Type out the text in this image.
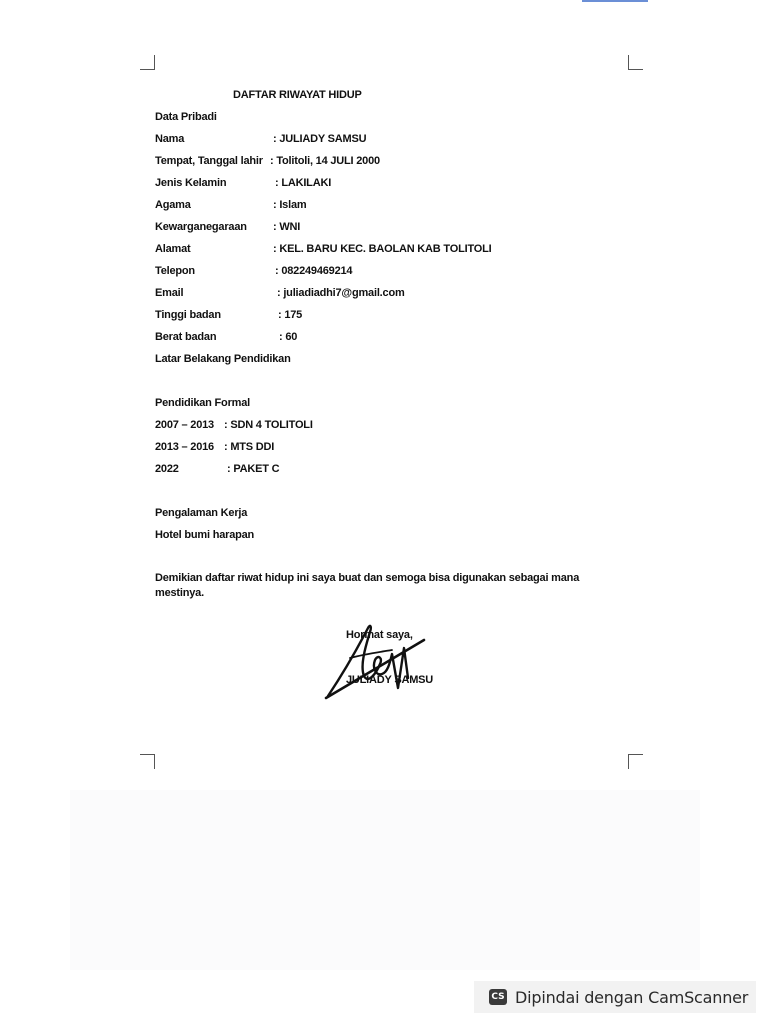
DAFTAR RIWAYAT HIDUP
Data Pribadi
Nama	: JULIADY SAMSU
Tempat, Tanggal lahir : Tolitoli, 14 JULI 2000
Jenis Kelamin	: LAKILAKI
Agama	: Islam
Kewarganegaraan : WNI
Alamat	: KEL. BARU KEC. BAOLAN KAB TOLITOLI
Telepon	: 082249469214
Email	: juliadiadhi7@gmail.com
Tinggi badan	: 175
Berat badan	: 60
Latar Belakang Pendidikan
Pendidikan Formal
2007 – 2013 : SDN 4 TOLITOLI
2013 – 2016 : MTS DDI
2022	: PAKET C
Pengalaman Kerja
Hotel bumi harapan
Demikian daftar riwat hidup ini saya buat dan semoga bisa digunakan sebagai mana mestinya.
Hormat saya,
JULIADY SAMSU
CS Dipindai dengan CamScanner
